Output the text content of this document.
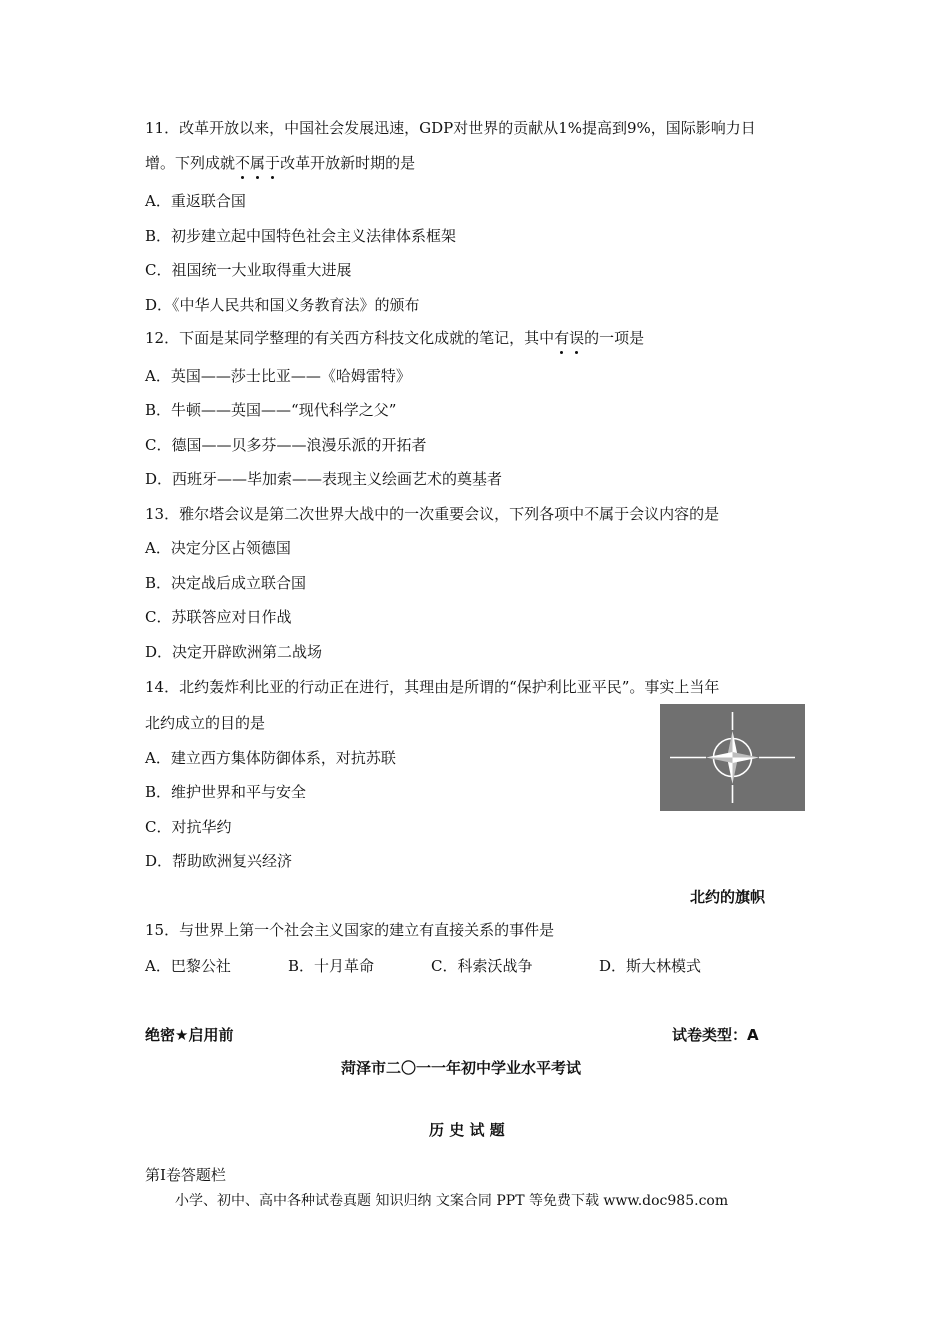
11．改革开放以来，中国社会发展迅速，GDP对世界的贡献从1%提高到9%，国际影响力日
增。下列成就不属于改革开放新时期的是
A．重返联合国
B．初步建立起中国特色社会主义法律体系框架
C．祖国统一大业取得重大进展
D．《中华人民共和国义务教育法》的颁布
12．下面是某同学整理的有关西方科技文化成就的笔记，其中有误的一项是
A．英国——莎士比亚——《哈姆雷特》
B．牛顿——英国——“现代科学之父”
C．德国——贝多芬——浪漫乐派的开拓者
D．西班牙——毕加索——表现主义绘画艺术的奠基者
13．雅尔塔会议是第二次世界大战中的一次重要会议，下列各项中不属于会议内容的是
A．决定分区占领德国
B．决定战后成立联合国
C．苏联答应对日作战
D．决定开辟欧洲第二战场
14．北约轰炸利比亚的行动正在进行，其理由是所谓的“保护利比亚平民”。事实上当年
北约成立的目的是
A．建立西方集体防御体系，对抗苏联
B．维护世界和平与安全
C．对抗华约
D．帮助欧洲复兴经济
北约的旗帜
15．与世界上第一个社会主义国家的建立有直接关系的事件是
A．巴黎公社	B．十月革命	C．科索沃战争	D．斯大林模式
绝密★启用前	试卷类型：A
菏泽市二〇一一年初中学业水平考试
历 史 试 题
第Ⅰ卷答题栏
小学、初中、高中各种试卷真题 知识归纳 文案合同 PPT 等免费下载 www.doc985.com
